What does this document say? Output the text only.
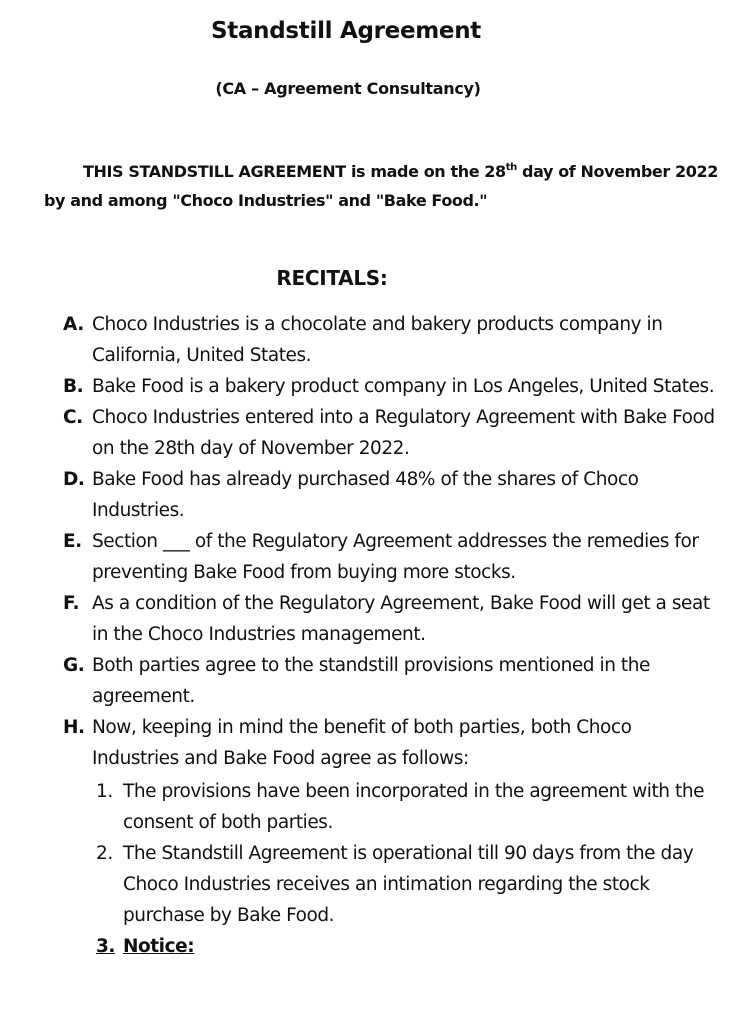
Standstill Agreement
(CA – Agreement Consultancy)
THIS STANDSTILL AGREEMENT is made on the 28th day of November 2022
by and among "Choco Industries" and "Bake Food."
RECITALS:
A. Choco Industries is a chocolate and bakery products company in California, United States.
B. Bake Food is a bakery product company in Los Angeles, United States.
C. Choco Industries entered into a Regulatory Agreement with Bake Food on the 28th day of November 2022.
D. Bake Food has already purchased 48% of the shares of Choco Industries.
E. Section ___ of the Regulatory Agreement addresses the remedies for preventing Bake Food from buying more stocks.
F. As a condition of the Regulatory Agreement, Bake Food will get a seat in the Choco Industries management.
G. Both parties agree to the standstill provisions mentioned in the agreement.
H. Now, keeping in mind the benefit of both parties, both Choco Industries and Bake Food agree as follows:
1. The provisions have been incorporated in the agreement with the consent of both parties.
2. The Standstill Agreement is operational till 90 days from the day Choco Industries receives an intimation regarding the stock purchase by Bake Food.
3. Notice:
